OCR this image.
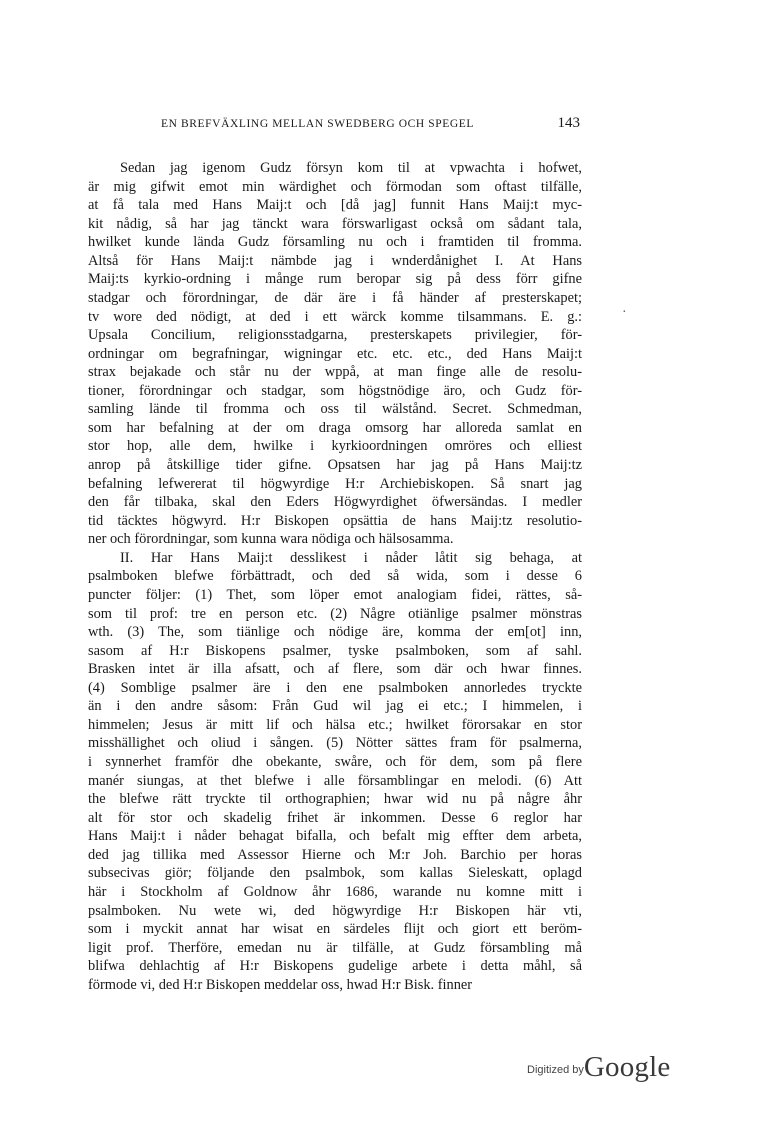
EN BREFVÄXLING MELLAN SWEDBERG OCH SPEGEL	143
Sedan jag igenom Gudz försyn kom til at vpwachta i hofwet,
är mig gifwit emot min wärdighet och förmodan som oftast tilfälle,
at få tala med Hans Maij:t och [då jag] funnit Hans Maij:t myc-
kit nådig, så har jag tänckt wara förswarligast också om sådant tala,
hwilket kunde lända Gudz församling nu och i framtiden til fromma.
Altså för Hans Maij:t nämbde jag i wnderdånighet I. At Hans
Maij:ts kyrkio-ordning i månge rum beropar sig på dess förr gifne
stadgar och förordningar, de där äre i få händer af presterskapet;
tv wore ded nödigt, at ded i ett wärck komme tilsammans. E. g.:
Upsala Concilium, religionsstadgarna, presterskapets privilegier, för-
ordningar om begrafningar, wigningar etc. etc. etc., ded Hans Maij:t
strax bejakade och står nu der wppå, at man finge alle de resolu-
tioner, förordningar och stadgar, som högstnödige äro, och Gudz för-
samling lände til fromma och oss til wälstånd. Secret. Schmedman,
som har befalning at der om draga omsorg har alloreda samlat en
stor hop, alle dem, hwilke i kyrkioordningen omröres och elliest
anrop på åtskillige tider gifne. Opsatsen har jag på Hans Maij:tz
befalning lefwererat til högwyrdige H:r Archiebiskopen. Så snart jag
den får tilbaka, skal den Eders Högwyrdighet öfwersändas. I medler
tid täcktes högwyrd. H:r Biskopen opsättia de hans Maij:tz resolutio-
ner och förordningar, som kunna wara nödiga och hälsosamma.
II. Har Hans Maij:t desslikest i nåder låtit sig behaga, at
psalmboken blefwe förbättradt, och ded så wida, som i desse 6
puncter följer: (1) Thet, som löper emot analogiam fidei, rättes, så-
som til prof: tre en person etc. (2) Någre otiänlige psalmer mönstras
wth. (3) The, som tiänlige och nödige äre, komma der em[ot] inn,
sasom af H:r Biskopens psalmer, tyske psalmboken, som af sahl.
Brasken intet är illa afsatt, och af flere, som där och hwar finnes.
(4) Somblige psalmer äre i den ene psalmboken annorledes tryckte
än i den andre såsom: Från Gud wil jag ei etc.; I himmelen, i
himmelen; Jesus är mitt lif och hälsa etc.; hwilket förorsakar en stor
misshällighet och oliud i sången. (5) Nötter sättes fram för psalmerna,
i synnerhet framför dhe obekante, swåre, och för dem, som på flere
manér siungas, at thet blefwe i alle församblingar en melodi. (6) Att
the blefwe rätt tryckte til orthographien; hwar wid nu på någre åhr
alt för stor och skadelig frihet är inkommen. Desse 6 reglor har
Hans Maij:t i nåder behagat bifalla, och befalt mig effter dem arbeta,
ded jag tillika med Assessor Hierne och M:r Joh. Barchio per horas
subsecivas giör; följande den psalmbok, som kallas Sieleskatt, oplagd
här i Stockholm af Goldnow åhr 1686, warande nu komne mitt i
psalmboken. Nu wete wi, ded högwyrdige H:r Biskopen här vti,
som i myckit annat har wisat en särdeles flijt och giort ett beröm-
ligit prof. Therföre, emedan nu är tilfälle, at Gudz försambling må
blifwa dehlachtig af H:r Biskopens gudelige arbete i detta måhl, så
förmode vi, ded H:r Biskopen meddelar oss, hwad H:r Bisk. finner
·
Digitized byGoogle
